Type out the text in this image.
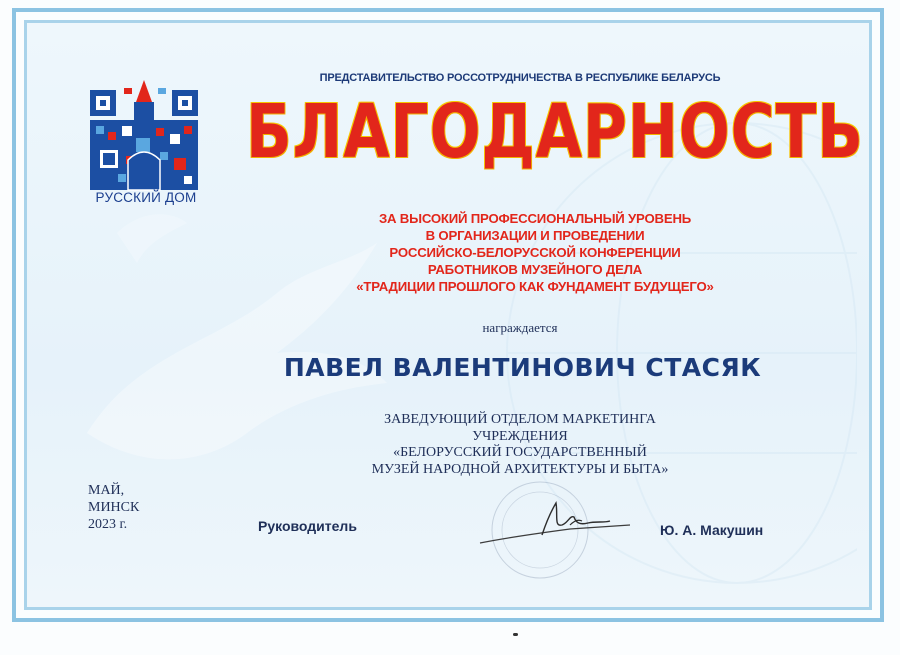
РУССКИЙ ДОМ
ПРЕДСТАВИТЕЛЬСТВО РОССОТРУДНИЧЕСТВА В РЕСПУБЛИКЕ БЕЛАРУСЬ
БЛАГОДАРНОСТЬ
ЗА ВЫСОКИЙ ПРОФЕССИОНАЛЬНЫЙ УРОВЕНЬ
В ОРГАНИЗАЦИИ И ПРОВЕДЕНИИ
РОССИЙСКО-БЕЛОРУССКОЙ КОНФЕРЕНЦИИ
РАБОТНИКОВ МУЗЕЙНОГО ДЕЛА
«ТРАДИЦИИ ПРОШЛОГО КАК ФУНДАМЕНТ БУДУЩЕГО»
награждается
ПАВЕЛ ВАЛЕНТИНОВИЧ СТАСЯК
ЗАВЕДУЮЩИЙ ОТДЕЛОМ МАРКЕТИНГА
УЧРЕЖДЕНИЯ
«БЕЛОРУССКИЙ ГОСУДАРСТВЕННЫЙ
МУЗЕЙ НАРОДНОЙ АРХИТЕКТУРЫ И БЫТА»
МАЙ,
МИНСК
2023 г.	Руководитель	Ю. А. Макушин
